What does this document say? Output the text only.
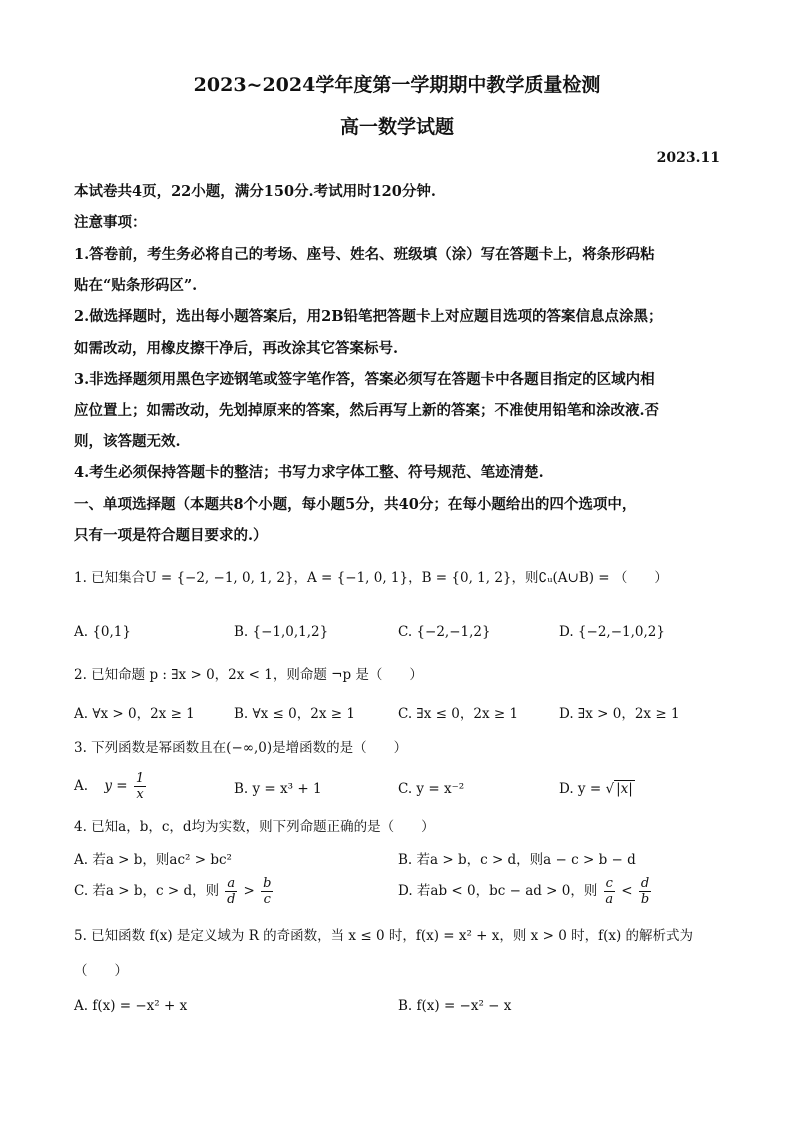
2023~2024学年度第一学期期中教学质量检测
高一数学试题
2023.11
本试卷共4页，22小题，满分150分.考试用时120分钟.
注意事项：
1.答卷前，考生务必将自己的考场、座号、姓名、班级填（涂）写在答题卡上，将条形码粘
贴在“贴条形码区”.
2.做选择题时，选出每小题答案后，用2B铅笔把答题卡上对应题目选项的答案信息点涂黑；
如需改动，用橡皮擦干净后，再改涂其它答案标号.
3.非选择题须用黑色字迹钢笔或签字笔作答，答案必须写在答题卡中各题目指定的区域内相
应位置上；如需改动，先划掉原来的答案，然后再写上新的答案；不准使用铅笔和涂改液.否
则，该答题无效.
4.考生必须保持答题卡的整洁；书写力求字体工整、符号规范、笔迹清楚.
一、单项选择题（本题共8个小题，每小题5分，共40分；在每小题给出的四个选项中，
只有一项是符合题目要求的.）
1. 已知集合U = {−2, −1, 0, 1, 2}，A = {−1, 0, 1}，B = {0, 1, 2}，则∁ᵤ(A∪B) = （　　）
A. {0,1}	B. {−1,0,1,2}	C. {−2,−1,2}	D. {−2,−1,0,2}
2. 已知命题 p : ∃x > 0，2x < 1，则命题 ¬p 是（　　）
A. ∀x > 0，2x ≥ 1	B. ∀x ≤ 0，2x ≥ 1	C. ∃x ≤ 0，2x ≥ 1	D. ∃x > 0，2x ≥ 1
3. 下列函数是幂函数且在(−∞,0)是增函数的是（　　）
A. $y = \frac{1}{x}$	B. y = x³ + 1	C. y = x⁻²	D. y = √ |x|
4. 已知a，b，c，d均为实数，则下列命题正确的是（　　）
A. 若a > b，则ac² > bc²	B. 若a > b，c > d，则a − c > b − d
C. 若a > b，c > d，则 $\frac{a}{d} > \frac{b}{c}$	D. 若ab < 0，bc − ad > 0，则 $\frac{c}{a} < \frac{d}{b}$
5. 已知函数 f(x) 是定义域为 R 的奇函数，当 x ≤ 0 时，f(x) = x² + x，则 x > 0 时，f(x) 的解析式为
（　　）
A. f(x) = −x² + x	B. f(x) = −x² − x
